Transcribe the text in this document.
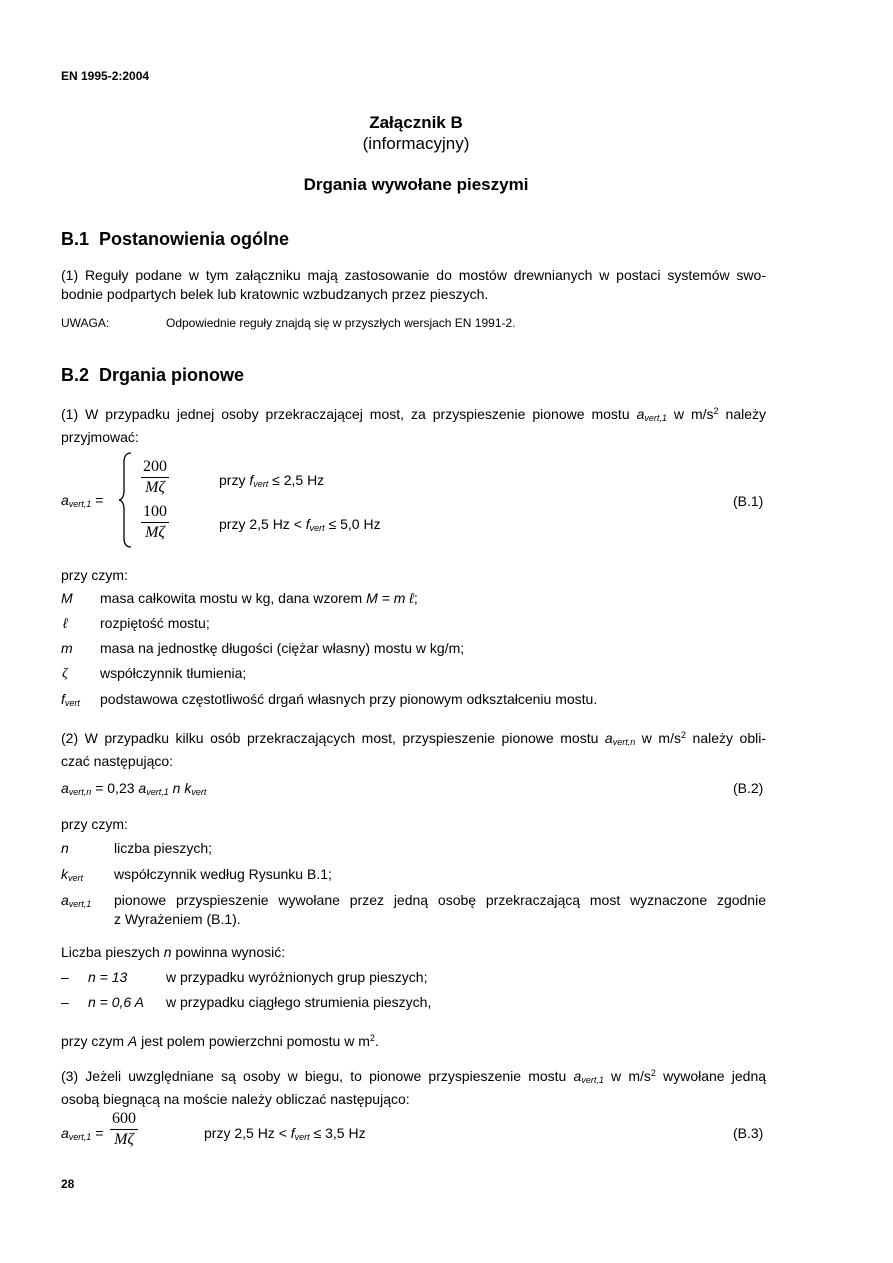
EN 1995-2:2004
Załącznik B
(informacyjny)
Drgania wywołane pieszymi
B.1 Postanowienia ogólne
(1) Reguły podane w tym załączniku mają zastosowanie do mostów drewnianych w postaci systemów swo-
bodnie podpartych belek lub kratownic wzbudzanych przez pieszych.
UWAGA:	Odpowiednie reguły znajdą się w przyszłych wersjach EN 1991-2.
B.2 Drgania pionowe
(1) W przypadku jednej osoby przekraczającej most, za przyspieszenie pionowe mostu $a_{vert,1}$ w $m/s^2$ należy
przyjmować:
$a_{vert,1}$ =
$\frac{200}{M\zeta}$	przy $f_{vert} \le 2,5$ Hz
$\frac{100}{M\zeta}$	przy 2,5 $Hz < f_{vert} \le 5,0$ Hz
(B.1)
przy czym:
M masa całkowita mostu w kg, dana wzorem M = m ℓ;
ℓ rozpiętość mostu;
m masa na jednostkę długości (ciężar własny) mostu w kg/m;
ζ współczynnik tłumienia;
$f_{vert}$ podstawowa częstotliwość drgań własnych przy pionowym odkształceniu mostu.
(2) W przypadku kilku osób przekraczających most, przyspieszenie pionowe mostu $a_{vert,n}$ w $m/s^2$ należy obli-
czać następująco:
$a_{vert,n} = 0,23$ $a_{vert,1}$ n $k_{vert}$	(B.2)
przy czym:
n	liczba pieszych;
$k_{vert}$ współczynnik według Rysunku B.1;
$a_{vert,1}$ pionowe przyspieszenie wywołane przez jedną osobę przekraczającą most wyznaczone zgodnie
z Wyrażeniem (B.1).
Liczba pieszych n powinna wynosić:
– n = 13	w przypadku wyróżnionych grup pieszych;
– n = 0,6 A w przypadku ciągłego strumienia pieszych,
przy czym A jest polem powierzchni pomostu w $m^2$.
(3) Jeżeli uwzględniane są osoby w biegu, to pionowe przyspieszenie mostu $a_{vert,1}$ w $m/s^2$ wywołane jedną
osobą biegnącą na moście należy obliczać następująco:
$a_{vert,1} = \frac{600}{M\zeta}$	przy 2,5 $Hz < f_{vert} \le 3,5$ Hz	(B.3)
28
